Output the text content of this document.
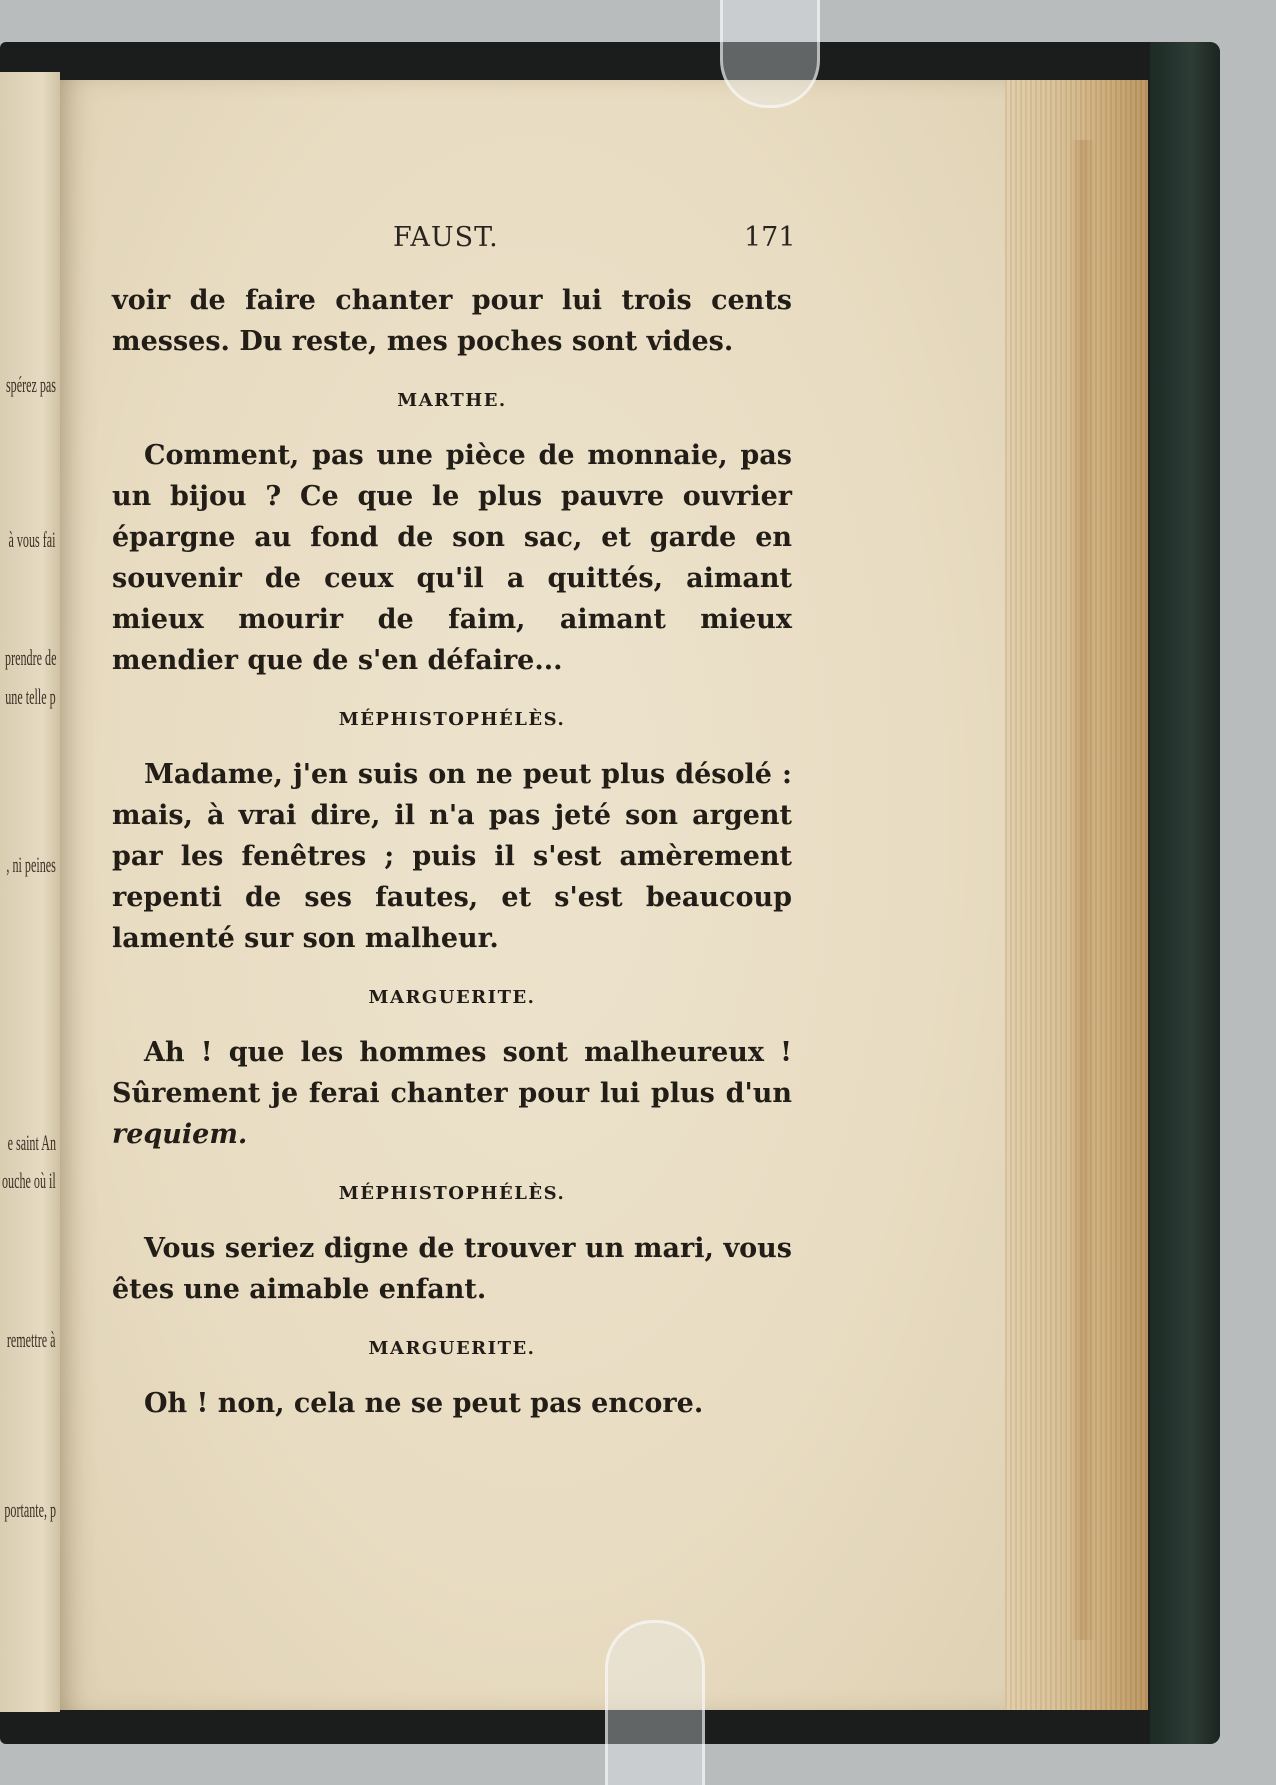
spérez pas
à vous fai
prendre de
une telle p
, ni peines
e saint An
ouche où il
remettre à
portante, p
FAUST.	171

voir de faire chanter pour lui trois cents messes. Du reste, mes poches sont vides.

MARTHE.

Comment, pas une pièce de monnaie, pas un bijou ? Ce que le plus pauvre ouvrier épargne au fond de son sac, et garde en souvenir de ceux qu'il a quittés, aimant mieux mourir de faim, aimant mieux mendier que de s'en défaire...

MÉPHISTOPHÉLÈS.

Madame, j'en suis on ne peut plus désolé : mais, à vrai dire, il n'a pas jeté son argent par les fenêtres ; puis il s'est amèrement repenti de ses fautes, et s'est beaucoup lamenté sur son malheur.

MARGUERITE.

Ah ! que les hommes sont malheureux ! Sûrement je ferai chanter pour lui plus d'un requiem.

MÉPHISTOPHÉLÈS.

Vous seriez digne de trouver un mari, vous êtes une aimable enfant.

MARGUERITE.

Oh ! non, cela ne se peut pas encore.
